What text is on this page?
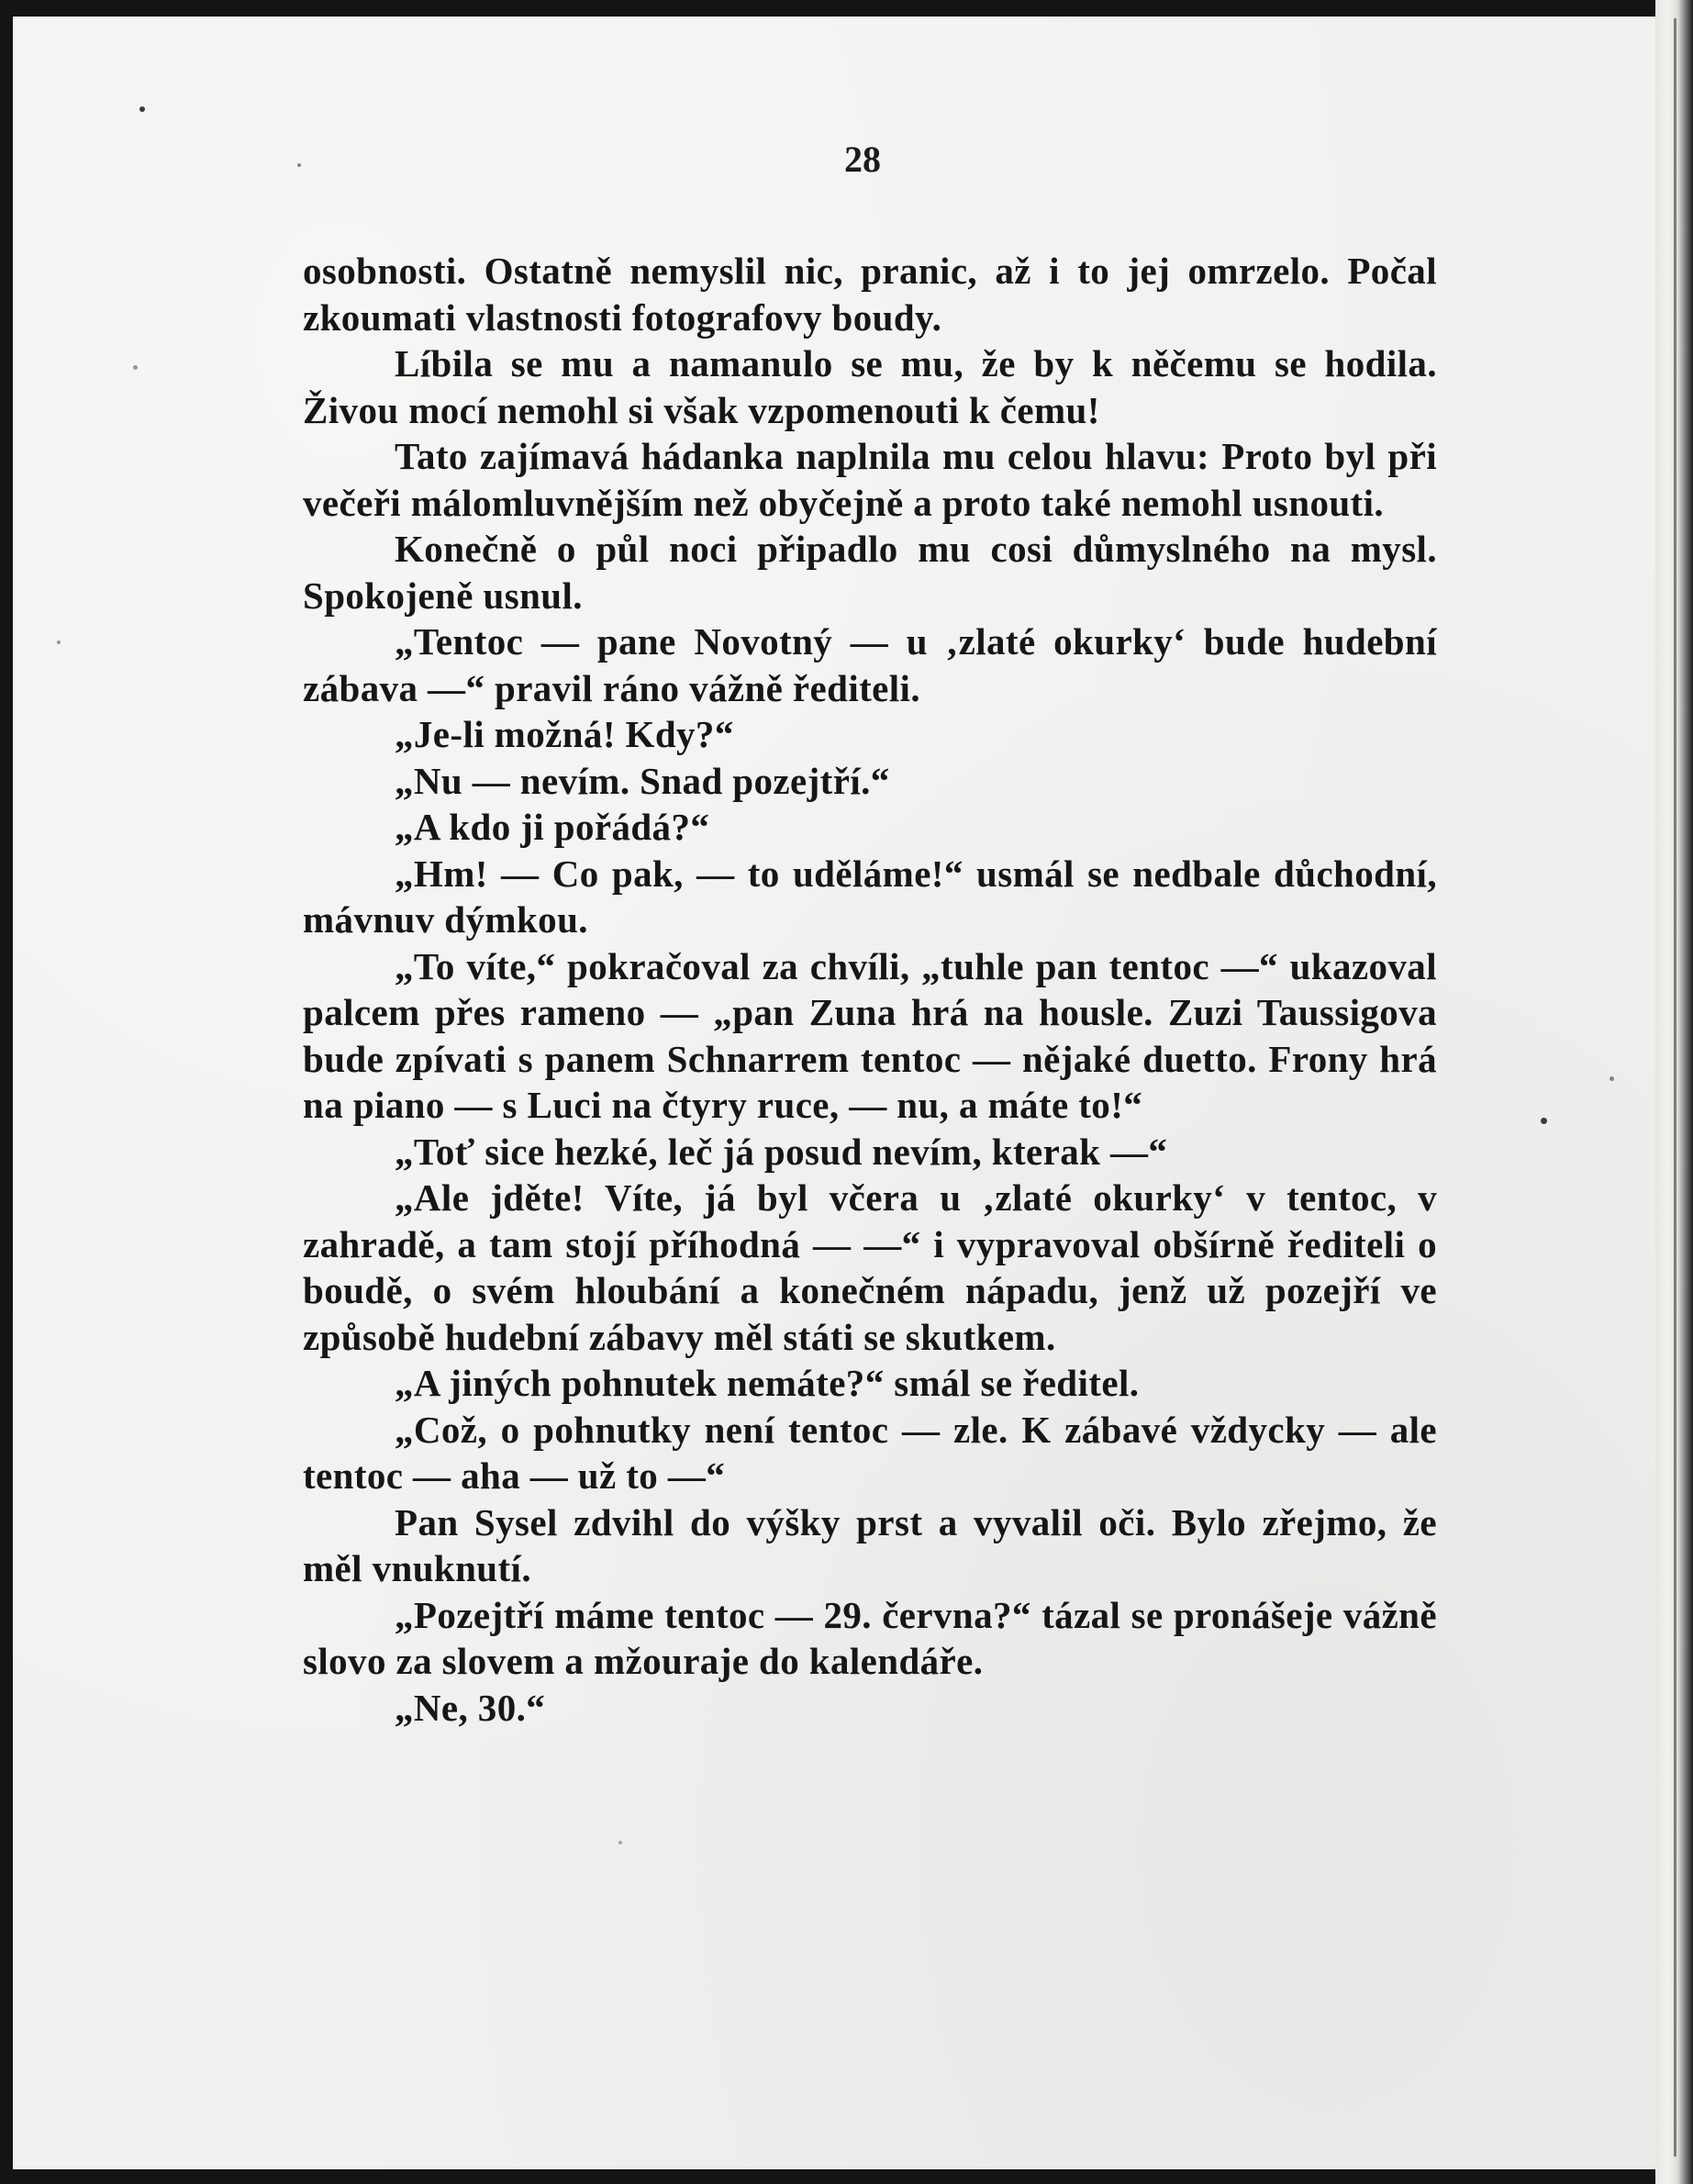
28

osobnosti. Ostatně nemyslil nic, pranic, až i to jej omrzelo. Počal zkoumati vlastnosti fotografovy boudy.

Líbila se mu a namanulo se mu, že by k něčemu se hodila. Živou mocí nemohl si však vzpomenouti k čemu!

Tato zajímavá hádanka naplnila mu celou hlavu: Proto byl při večeři málomluvnějším než obyčejně a proto také nemohl usnouti.

Konečně o půl noci připadlo mu cosi důmyslného na mysl. Spokojeně usnul.

„Tentoc — pane Novotný — u ‚zlaté okurky‘ bude hudební zábava —“ pravil ráno vážně řediteli.

„Je-li možná! Kdy?“

„Nu — nevím. Snad pozejtří.“

„A kdo ji pořádá?“

„Hm! — Co pak, — to uděláme!“ usmál se nedbale důchodní, mávnuv dýmkou.

„To víte,“ pokračoval za chvíli, „tuhle pan tentoc —“ ukazoval palcem přes rameno — „pan Zuna hrá na housle. Zuzi Taussigova bude zpívati s panem Schnarrem tentoc — nějaké duetto. Frony hrá na piano — s Luci na čtyry ruce, — nu, a máte to!“

„Toť sice hezké, leč já posud nevím, kterak —“

„Ale jděte! Víte, já byl včera u ‚zlaté okurky‘ v tentoc, v zahradě, a tam stojí příhodná — —“ i vypravoval obšírně řediteli o boudě, o svém hloubání a konečném nápadu, jenž už pozejří ve způsobě hudební zábavy měl státi se skutkem.

„A jiných pohnutek nemáte?“ smál se ředitel.

„Což, o pohnutky není tentoc — zle. K zábavé vždycky — ale tentoc — aha — už to —“

Pan Sysel zdvihl do výšky prst a vyvalil oči. Bylo zřejmo, že měl vnuknutí.

„Pozejtří máme tentoc — 29. června?“ tázal se pronášeje vážně slovo za slovem a mžouraje do kalendáře.

„Ne, 30.“
